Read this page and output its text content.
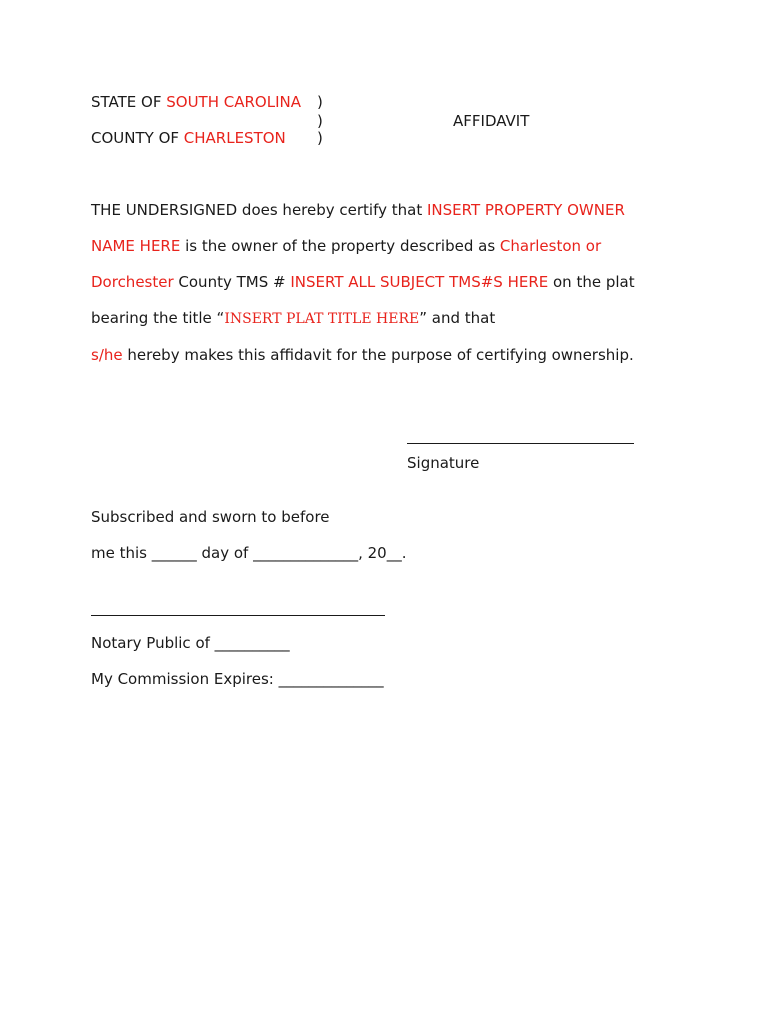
STATE OF SOUTH CAROLINA )
)	AFFIDAVIT
COUNTY OF CHARLESTON )
THE UNDERSIGNED does hereby certify that INSERT PROPERTY OWNER
NAME HERE is the owner of the property described as Charleston or
Dorchester County TMS # INSERT ALL SUBJECT TMS#S HERE on the plat
bearing the title “INSERT PLAT TITLE HERE” and that
s/he hereby makes this affidavit for the purpose of certifying ownership.
Signature
Subscribed and sworn to before
me this ______ day of ______________, 20__.
Notary Public of __________
My Commission Expires: ______________
